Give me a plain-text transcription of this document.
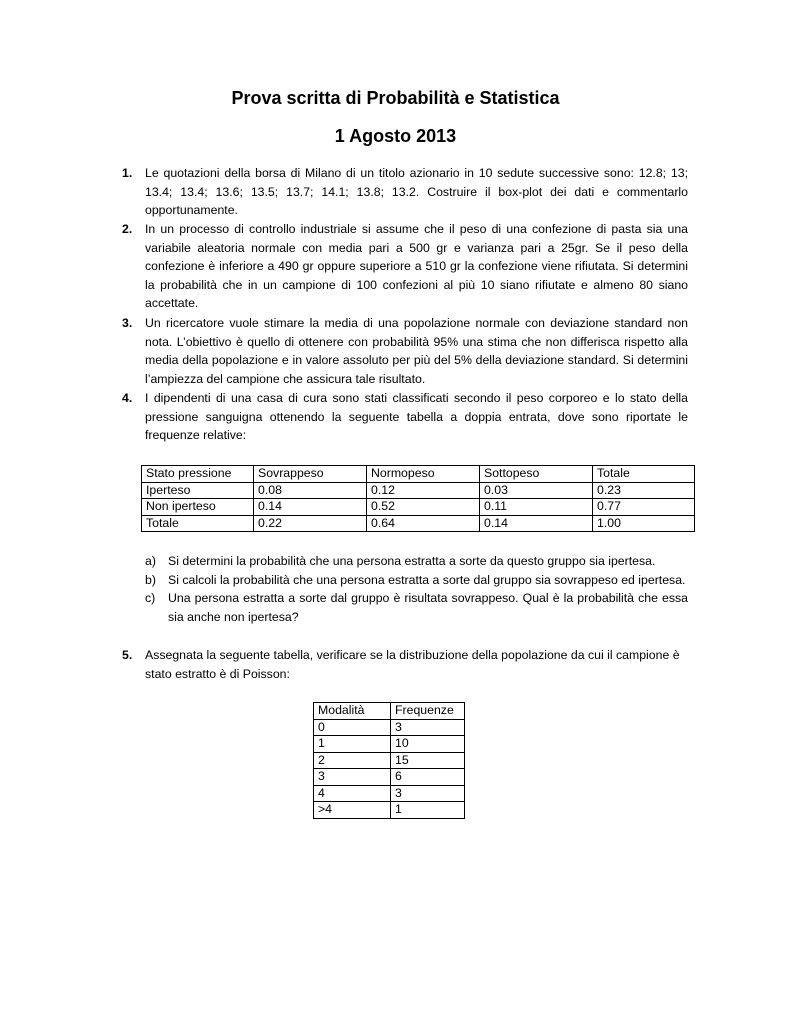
Prova scritta di Probabilità e Statistica
1 Agosto 2013
1. Le quotazioni della borsa di Milano di un titolo azionario in 10 sedute successive sono: 12.8; 13; 13.4; 13.4; 13.6; 13.5; 13.7; 14.1; 13.8; 13.2. Costruire il box-plot dei dati e commentarlo opportunamente.
2. In un processo di controllo industriale si assume che il peso di una confezione di pasta sia una variabile aleatoria normale con media pari a 500 gr e varianza pari a 25gr. Se il peso della confezione è inferiore a 490 gr oppure superiore a 510 gr la confezione viene rifiutata. Si determini la probabilità che in un campione di 100 confezioni al più 10 siano rifiutate e almeno 80 siano accettate.
3. Un ricercatore vuole stimare la media di una popolazione normale con deviazione standard non nota. L’obiettivo è quello di ottenere con probabilità 95% una stima che non differisca rispetto alla media della popolazione e in valore assoluto per più del 5% della deviazione standard. Si determini l’ampiezza del campione che assicura tale risultato.
4. I dipendenti di una casa di cura sono stati classificati secondo il peso corporeo e lo stato della pressione sanguigna ottenendo la seguente tabella a doppia entrata, dove sono riportate le frequenze relative:
Stato pressione	Sovrappeso	Normopeso	Sottopeso	Totale
Iperteso	0.08	0.12	0.03	0.23
Non iperteso	0.14	0.52	0.11	0.77
Totale	0.22	0.64	0.14	1.00
a) Si determini la probabilità che una persona estratta a sorte da questo gruppo sia ipertesa.
b) Si calcoli la probabilità che una persona estratta a sorte dal gruppo sia sovrappeso ed ipertesa.
c) Una persona estratta a sorte dal gruppo è risultata sovrappeso. Qual è la probabilità che essa sia anche non ipertesa?
5. Assegnata la seguente tabella, verificare se la distribuzione della popolazione da cui il campione è stato estratto è di Poisson:
Modalità	Frequenze
0	3
1	10
2	15
3	6
4	3
>4	1
